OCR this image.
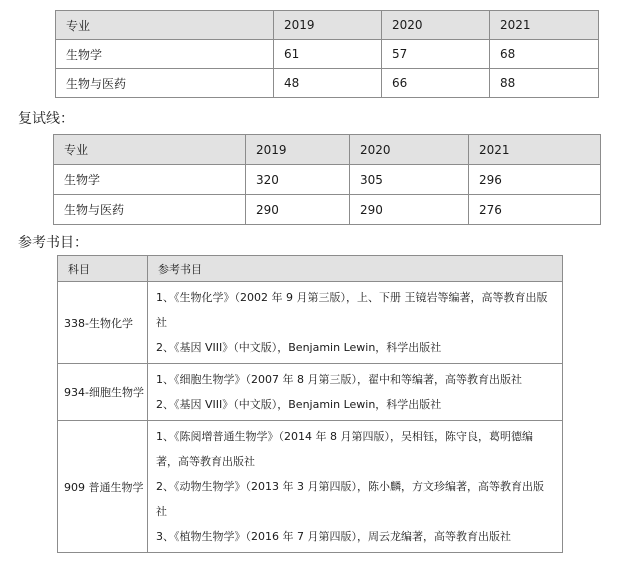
专业	2019	2020	2021
生物学	61	57	68
生物与医药	48	66	88
复试线：
专业	2019	2020	2021
生物学	320	305	296
生物与医药	290	290	276
参考书目：
科目	参考书目
338-生物化学	1、《生物化学》（2002 年 9 月第三版），上、下册 王镜岩等编著，高等教育出版社
2、《基因 VIII》（中文版），Benjamin Lewin，科学出版社

934-细胞生物学	1、《细胞生物学》（2007 年 8 月第三版），翟中和等编著，高等教育出版社
2、《基因 VIII》（中文版），Benjamin Lewin，科学出版社

909 普通生物学	1、《陈阅增普通生物学》（2014 年 8 月第四版），吴相钰，陈守良，葛明德编著，高等教育出版社
2、《动物生物学》（2013 年 3 月第四版），陈小麟，方文珍编著，高等教育出版社
3、《植物生物学》（2016 年 7 月第四版），周云龙编著，高等教育出版社
